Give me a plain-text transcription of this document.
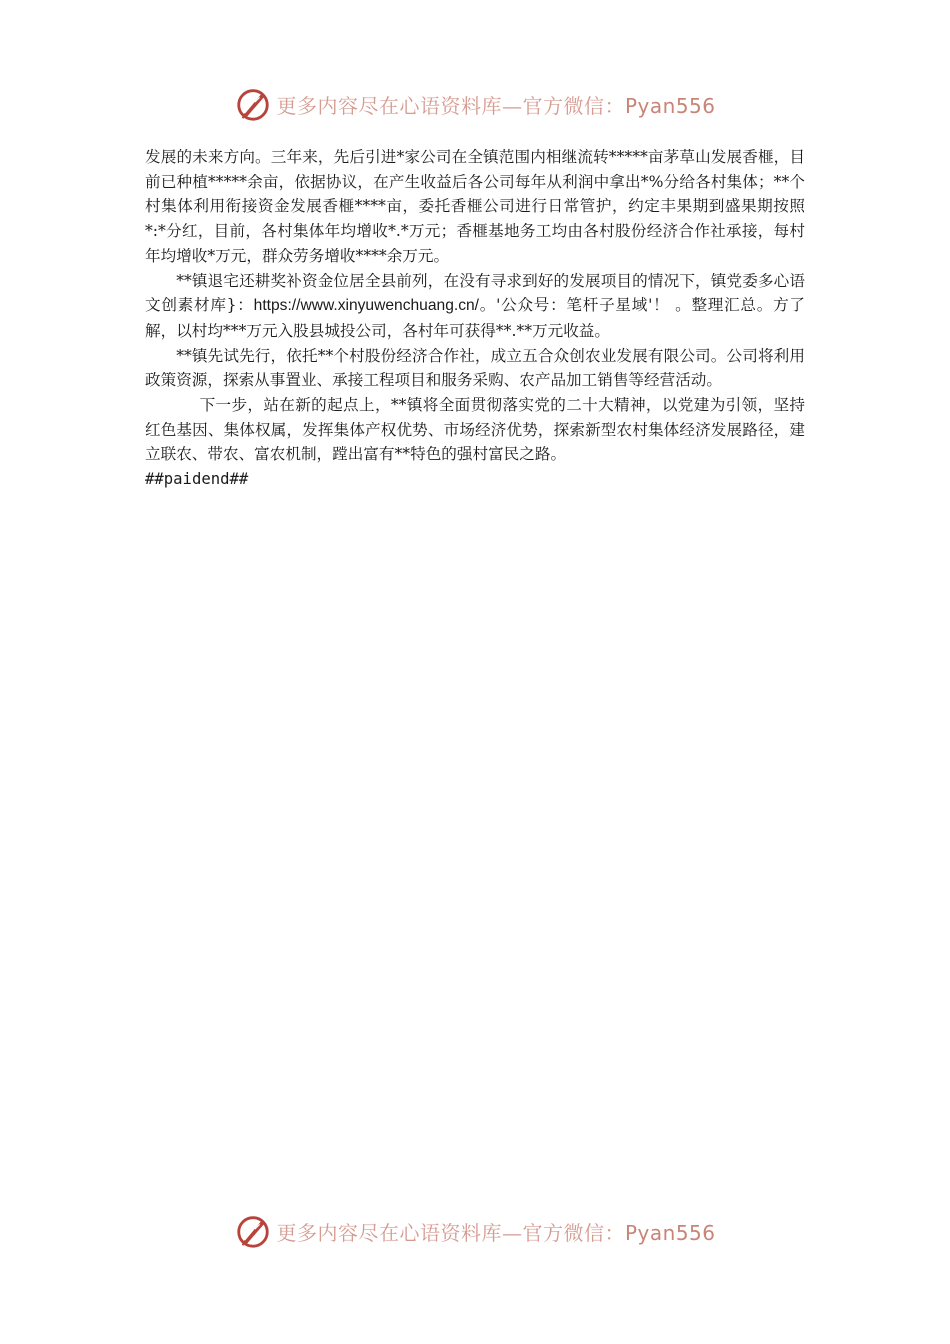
更多内容尽在心语资料库—官方微信：Pyan556

发展的未来方向。三年来，先后引进*家公司在全镇范围内相继流转*****亩茅草山发展香榧，目前已种植*****余亩，依据协议，在产生收益后各公司每年从利润中拿出*%分给各村集体；**个村集体利用衔接资金发展香榧****亩，委托香榧公司进行日常管护，约定丰果期到盛果期按照*:*分红，目前，各村集体年均增收*.*万元；香榧基地务工均由各村股份经济合作社承接，每村年均增收*万元，群众劳务增收****余万元。

**镇退宅还耕奖补资金位居全县前列，在没有寻求到好的发展项目的情况下，镇党委多心语文创素材库}：https://www.xinyuwenchuang.cn/。'公众号：笔杆子星域'！ 。整理汇总。方了解，以村均***万元入股县城投公司，各村年可获得**.**万元收益。

**镇先试先行，依托**个村股份经济合作社，成立五合众创农业发展有限公司。公司将利用政策资源，探索从事置业、承接工程项目和服务采购、农产品加工销售等经营活动。

下一步，站在新的起点上，**镇将全面贯彻落实党的二十大精神，以党建为引领，坚持红色基因、集体权属，发挥集体产权优势、市场经济优势，探索新型农村集体经济发展路径，建立联农、带农、富农机制，蹚出富有**特色的强村富民之路。

##paidend##

更多内容尽在心语资料库—官方微信：Pyan556
